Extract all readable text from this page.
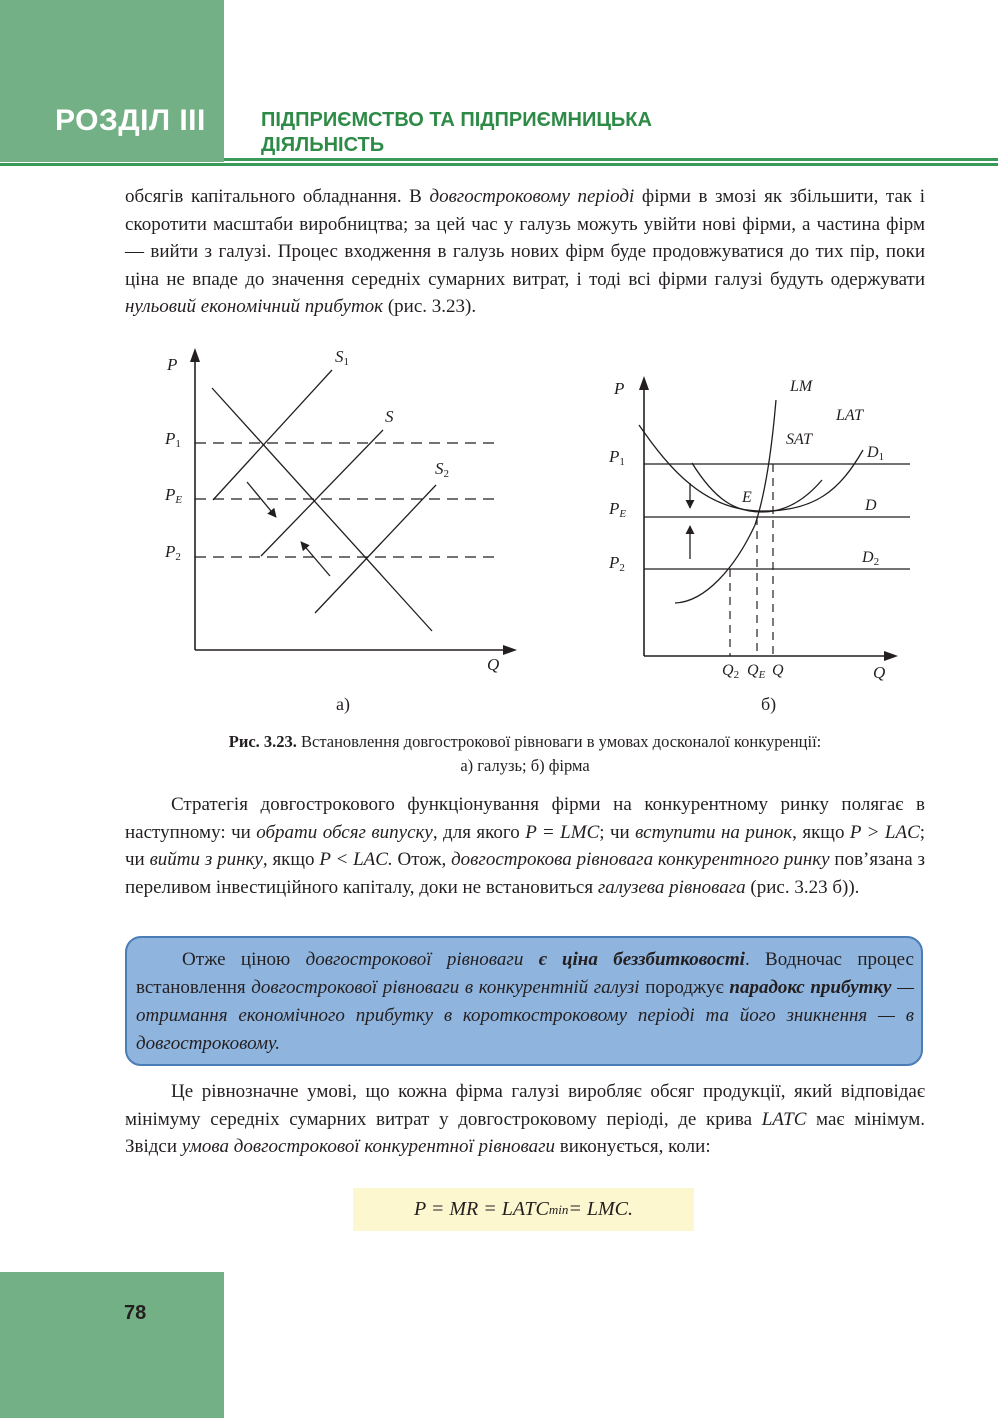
РОЗДІЛ ІІІ	ПІДПРИЄМСТВО ТА ПІДПРИЄМНИЦЬКА
ДІЯЛЬНІСТЬ
обсягів капітального обладнання. В довгостроковому періоді фірми в змозі як збільшити, так і скоротити масштаби виробництва; за цей час у галузь можуть увійти нові фірми, а частина фірм — вийти з галузі. Процес входження в галузь нових фірм буде продовжуватися до тих пір, поки ціна не впаде до значення середніх сумарних витрат, і тоді всі фірми галузі будуть одержувати нульовий економічний прибуток (рис. 3.23).
P
Q
P1
PE
P2
S1
S
S2
а)
P
Q
LM
LAT
SAT
P1
PE
P2
D1
D
D2
E
Q2 QE Q
б)
Рис. 3.23. Встановлення довгострокової рівноваги в умовах досконалої конкуренції:
а) галузь; б) фірма
Стратегія довгострокового функціонування фірми на конкурентному ринку полягає в наступному: чи обрати обсяг випуску, для якого P = LMC; чи вступити на ринок, якщо P > LAC; чи вийти з ринку, якщо P < LAC. Отож, довгострокова рівновага конкурентного ринку пов’язана з переливом інвестиційного капіталу, доки не встановиться галузева рівновага (рис. 3.23 б)).
Отже ціною довгострокової рівноваги є ціна беззбитковості. Водночас процес встановлення довгострокової рівноваги в конкурентній галузі породжує парадокс прибутку — отримання економічного прибутку в короткостроковому періоді та його зникнення — в довгостроковому.
Це рівнозначне умові, що кожна фірма галузі виробляє обсяг продукції, який відповідає мінімуму середніх сумарних витрат у довгостроковому періоді, де крива LATC має мінімум. Звідси умова довгострокової конкурентної рівноваги виконується, коли:
P = MR = LATC min = LMC.
78
